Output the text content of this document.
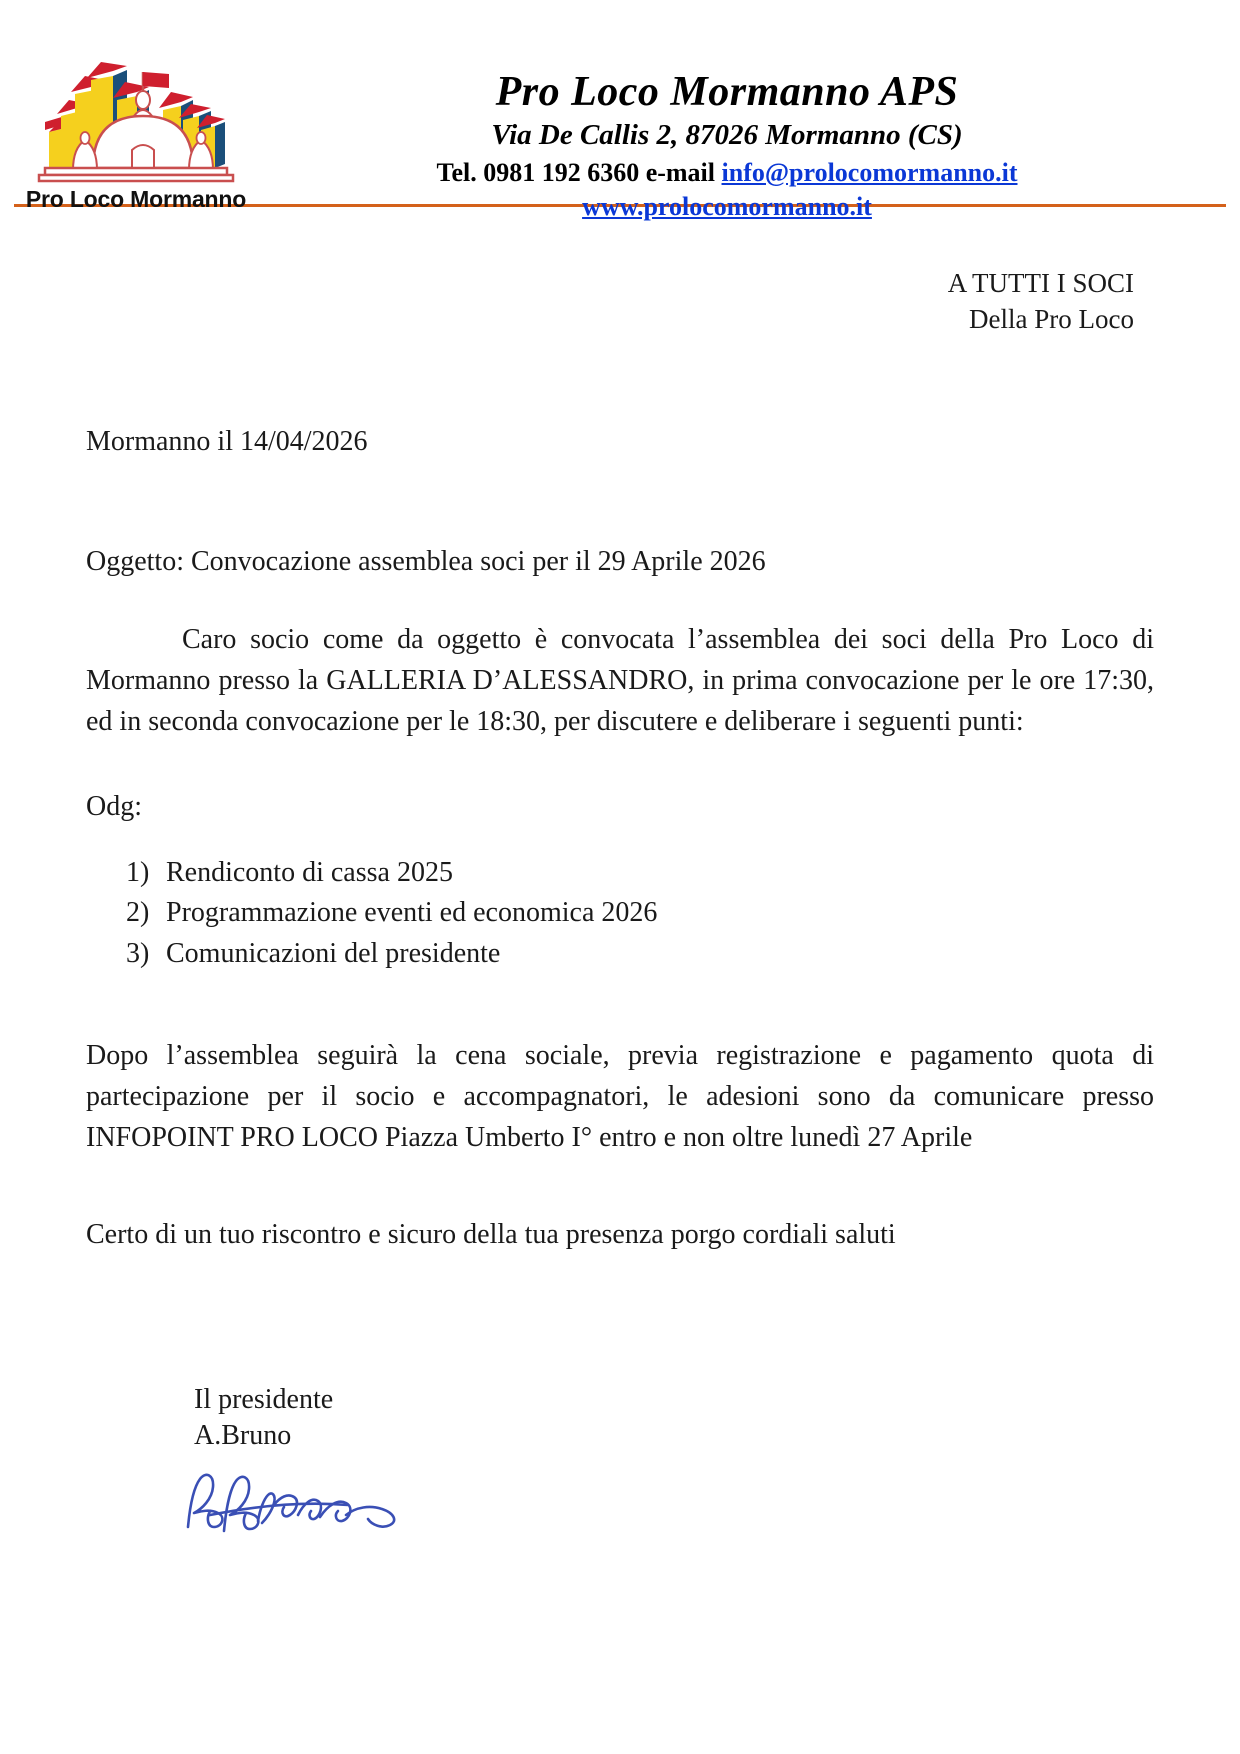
Pro Loco Mormanno
Pro Loco Mormanno APS
Via De Callis 2, 87026 Mormanno (CS)
Tel. 0981 192 6360 e-mail info@prolocomormanno.it
www.prolocomormanno.it
A TUTTI I SOCI
Della Pro Loco
Mormanno il 14/04/2026
Oggetto: Convocazione assemblea soci per il 29 Aprile 2026
Caro socio come da oggetto è convocata l’assemblea dei soci della Pro Loco di Mormanno presso la GALLERIA D’ALESSANDRO, in prima convocazione per le ore 17:30, ed in seconda convocazione per le 18:30, per discutere e deliberare i seguenti punti:
Odg:
1) Rendiconto di cassa 2025
2) Programmazione eventi ed economica 2026
3) Comunicazioni del presidente
Dopo l’assemblea seguirà la cena sociale, previa registrazione e pagamento quota di partecipazione per il socio e accompagnatori, le adesioni sono da comunicare presso INFOPOINT PRO LOCO Piazza Umberto I° entro e non oltre lunedì 27 Aprile
Certo di un tuo riscontro e sicuro della tua presenza porgo cordiali saluti
Il presidente
A.Bruno
